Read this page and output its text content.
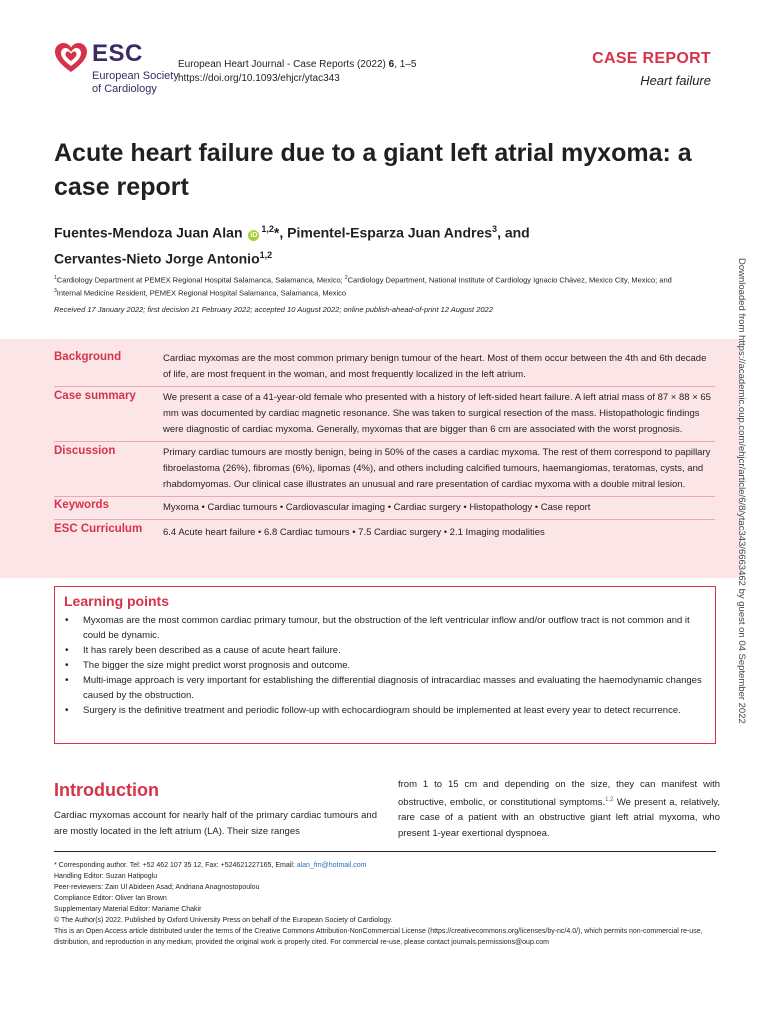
ESC
European Society
of Cardiology
European Heart Journal - Case Reports (2022) 6, 1–5
https://doi.org/10.1093/ehjcr/ytac343
CASE REPORT
Heart failure
Acute heart failure due to a giant left atrial myxoma: a case report
Fuentes-Mendoza Juan Alan iD$^{1,2}$*, Pimentel-Esparza Juan Andres$^3$, and
Cervantes-Nieto Jorge Antonio$^{1,2}$
$^1$Cardiology Department at PEMEX Regional Hospital Salamanca, Salamanca, Mexico; $^2$Cardiology Department, National Institute of Cardiology Ignacio Chávez, Mexico City, Mexico; and
$^3$Internal Medicine Resident, PEMEX Regional Hospital Salamanca, Salamanca, Mexico
Received 17 January 2022; first decision 21 February 2022; accepted 10 August 2022; online publish-ahead-of-print 12 August 2022
Background	Cardiac myxomas are the most common primary benign tumour of the heart. Most of them occur between the 4th and 6th decade of life, are most frequent in the woman, and most frequently localized in the left atrium.
Case summary	We present a case of a 41-year-old female who presented with a history of left-sided heart failure. A left atrial mass of 87 × 88 × 65 mm was documented by cardiac magnetic resonance. She was taken to surgical resection of the mass. Histopathologic findings were diagnostic of cardiac myxoma. Generally, myxomas that are bigger than 6 cm are associated with the worst prognosis.
Discussion	Primary cardiac tumours are mostly benign, being in 50% of the cases a cardiac myxoma. The rest of them correspond to papillary fibroelastoma (26%), fibromas (6%), lipomas (4%), and others including calcified tumours, haemangiomas, teratomas, cysts, and rhabdomyomas. Our clinical case illustrates an unusual and rare presentation of cardiac myxoma with a double mitral lesion.
Keywords	Myxoma • Cardiac tumours • Cardiovascular imaging • Cardiac surgery • Histopathology • Case report
ESC Curriculum 6.4 Acute heart failure • 6.8 Cardiac tumours • 7.5 Cardiac surgery • 2.1 Imaging modalities
Learning points
• Myxomas are the most common cardiac primary tumour, but the obstruction of the left ventricular inflow and/or outflow tract is not common and it could be dynamic.
• It has rarely been described as a cause of acute heart failure.
• The bigger the size might predict worst prognosis and outcome.
• Multi-image approach is very important for establishing the differential diagnosis of intracardiac masses and evaluating the haemodynamic changes caused by the obstruction.
• Surgery is the definitive treatment and periodic follow-up with echocardiogram should be implemented at least every year to detect recurrence.
Introduction
Cardiac myxomas account for nearly half of the primary cardiac tumours and are mostly located in the left atrium (LA). Their size ranges
from 1 to 15 cm and depending on the size, they can manifest with obstructive, embolic, or constitutional symptoms.$^{1,2}$ We present a, relatively, rare case of a patient with an obstructive giant left atrial myxoma, who present 1-year exertional dyspnoea.
* Corresponding author. Tel: +52 462 107 35 12, Fax: +524621227165, Email: alan_fm@hotmail.com
Handling Editor: Suzan Hatipoglu
Peer-reviewers: Zain Ul Abideen Asad; Andriana Anagnostopoulou
Compliance Editor: Oliver Ian Brown
Supplementary Material Editor: Mariame Chakir
© The Author(s) 2022. Published by Oxford University Press on behalf of the European Society of Cardiology.
This is an Open Access article distributed under the terms of the Creative Commons Attribution-NonCommercial License (https://creativecommons.org/licenses/by-nc/4.0/), which permits non-commercial re-use, distribution, and reproduction in any medium, provided the original work is properly cited. For commercial re-use, please contact journals.permissions@oup.com
Downloaded from https://academic.oup.com/ehjcr/article/6/8/ytac343/6663462 by guest on 04 September 2022
